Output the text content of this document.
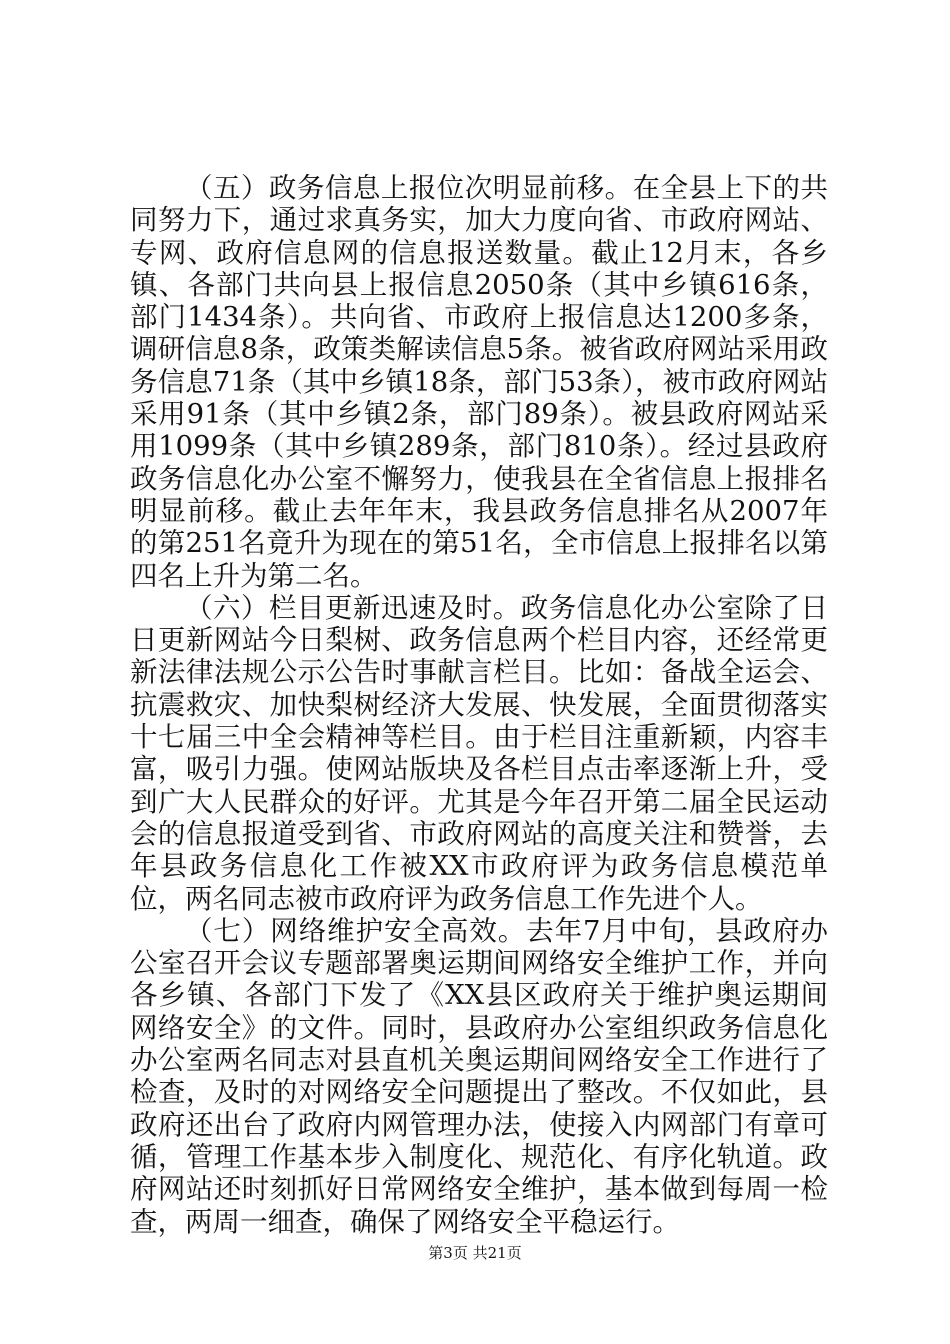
（五）政务信息上报位次明显前移。在全县上下的共同努力下，通过求真务实，加大力度向省、市政府网站、专网、政府信息网的信息报送数量。截止12月末，各乡镇、各部门共向县上报信息2050条（其中乡镇616条，部门1434条）。共向省、市政府上报信息达1200多条，调研信息8条，政策类解读信息5条。被省政府网站采用政务信息71条（其中乡镇18条，部门53条），被市政府网站采用91条（其中乡镇2条，部门89条）。被县政府网站采用1099条（其中乡镇289条，部门810条）。经过县政府政务信息化办公室不懈努力，使我县在全省信息上报排名明显前移。截止去年年末，我县政务信息排名从2007年的第251名竟升为现在的第51名，全市信息上报排名以第四名上升为第二名。

（六）栏目更新迅速及时。政务信息化办公室除了日日更新网站今日梨树、政务信息两个栏目内容，还经常更新法律法规公示公告时事献言栏目。比如：备战全运会、抗震救灾、加快梨树经济大发展、快发展，全面贯彻落实十七届三中全会精神等栏目。由于栏目注重新颖，内容丰富，吸引力强。使网站版块及各栏目点击率逐渐上升，受到广大人民群众的好评。尤其是今年召开第二届全民运动会的信息报道受到省、市政府网站的高度关注和赞誉，去年县政务信息化工作被XX市政府评为政务信息模范单位，两名同志被市政府评为政务信息工作先进个人。

（七）网络维护安全高效。去年7月中旬，县政府办公室召开会议专题部署奥运期间网络安全维护工作，并向各乡镇、各部门下发了《XX县区政府关于维护奥运期间网络安全》的文件。同时，县政府办公室组织政务信息化办公室两名同志对县直机关奥运期间网络安全工作进行了检查，及时的对网络安全问题提出了整改。不仅如此，县政府还出台了政府内网管理办法，使接入内网部门有章可循，管理工作基本步入制度化、规范化、有序化轨道。政府网站还时刻抓好日常网络安全维护，基本做到每周一检查，两周一细查，确保了网络安全平稳运行。

第3页 共21页
